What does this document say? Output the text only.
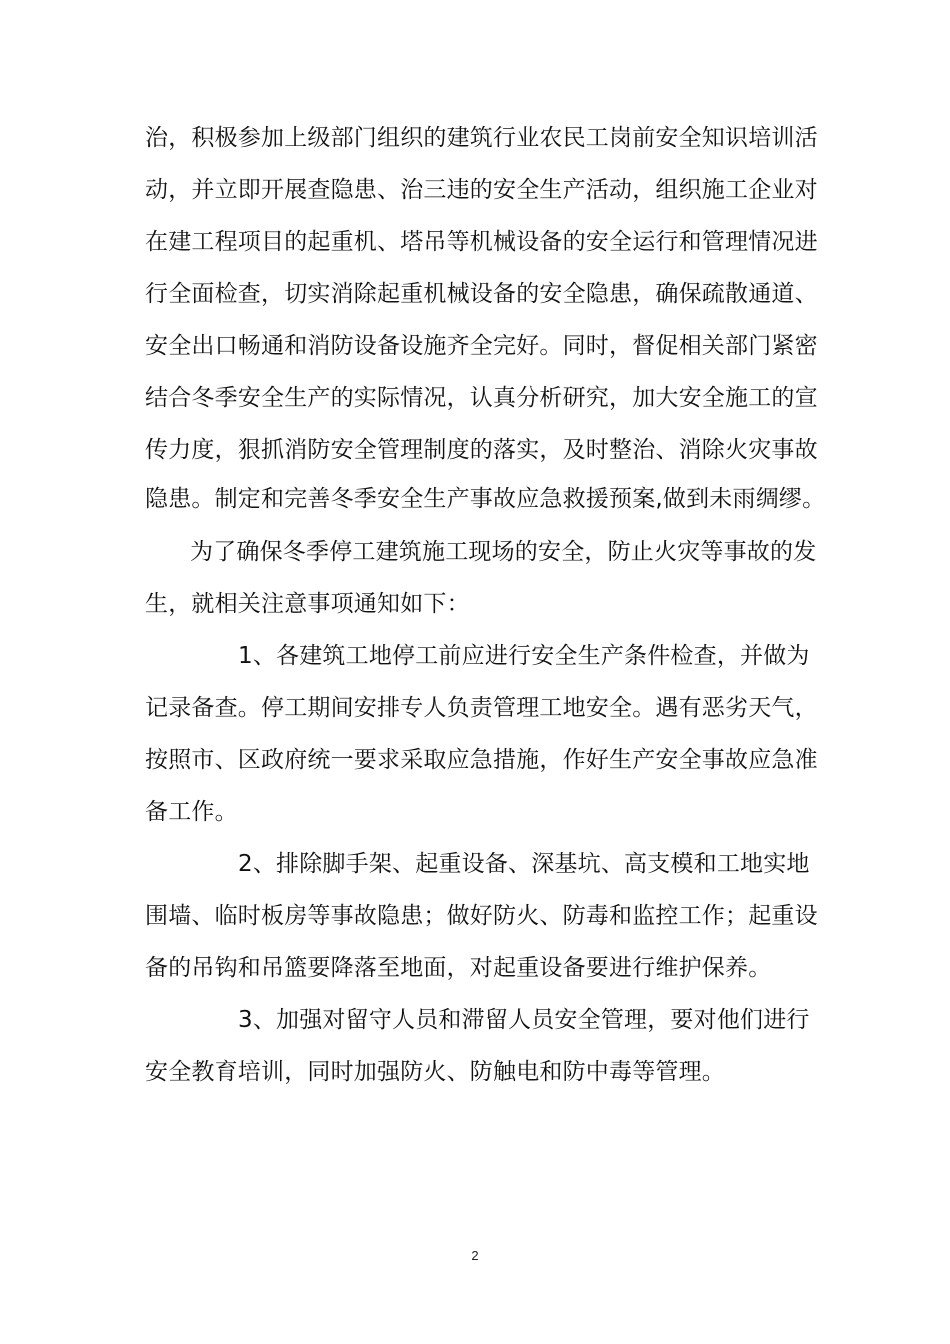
治，积极参加上级部门组织的建筑行业农民工岗前安全知识培训活
动，并立即开展查隐患、治三违的安全生产活动，组织施工企业对
在建工程项目的起重机、塔吊等机械设备的安全运行和管理情况进
行全面检查，切实消除起重机械设备的安全隐患，确保疏散通道、
安全出口畅通和消防设备设施齐全完好。同时，督促相关部门紧密
结合冬季安全生产的实际情况，认真分析研究，加大安全施工的宣
传力度，狠抓消防安全管理制度的落实，及时整治、消除火灾事故
隐患。制定和完善冬季安全生产事故应急救援预案,做到未雨绸缪。
为了确保冬季停工建筑施工现场的安全，防止火灾等事故的发
生，就相关注意事项通知如下：
1、各建筑工地停工前应进行安全生产条件检查，并做为
记录备查。停工期间安排专人负责管理工地安全。遇有恶劣天气，
按照市、区政府统一要求采取应急措施，作好生产安全事故应急准
备工作。
2、排除脚手架、起重设备、深基坑、高支模和工地实地
围墙、临时板房等事故隐患；做好防火、防毒和监控工作；起重设
备的吊钩和吊篮要降落至地面，对起重设备要进行维护保养。
3、加强对留守人员和滞留人员安全管理，要对他们进行
安全教育培训，同时加强防火、防触电和防中毒等管理。
2
